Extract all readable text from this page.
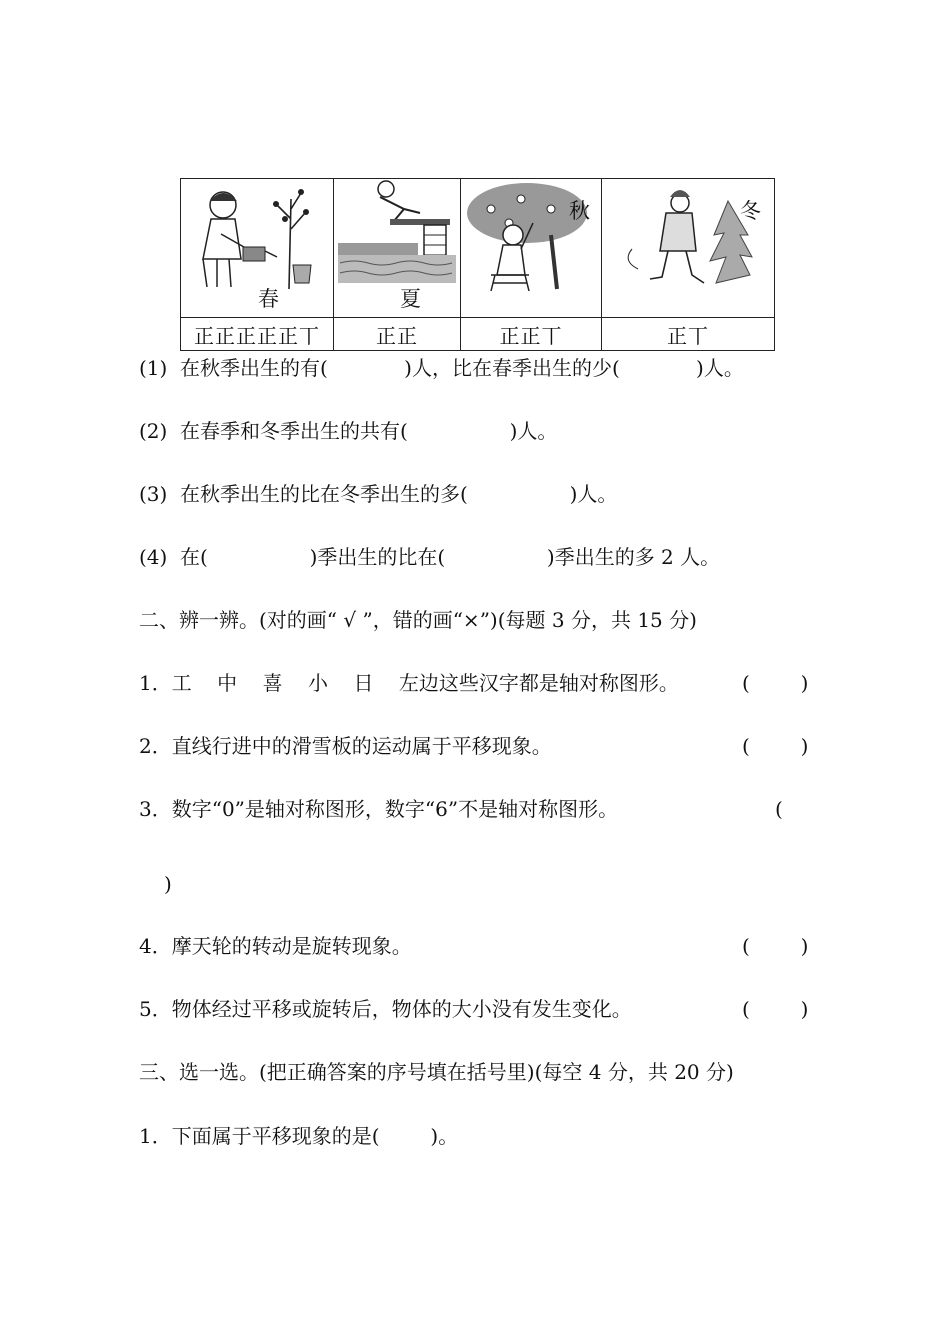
春	夏	秋	冬

正正正正正丅	正正	正正丅	正丅
(1)  在秋季出生的有(            )人，比在春季出生的少(            )人。
(2)  在春季和冬季出生的共有(                )人。
(3)  在秋季出生的比在冬季出生的多(                )人。
(4)  在(                )季出生的比在(                )季出生的多 2 人。
二、辨一辨。(对的画“ √ ”，错的画“×”)(每题 3 分，共 15 分)
1．工    中    喜    小    日    左边这些汉字都是轴对称图形。	(        )
2．直线行进中的滑雪板的运动属于平移现象。	(        )
3．数字“0”是轴对称图形，数字“6”不是轴对称图形。	(
)
4．摩天轮的转动是旋转现象。	(        )
5．物体经过平移或旋转后，物体的大小没有发生变化。	(        )
三、选一选。(把正确答案的序号填在括号里)(每空 4 分，共 20 分)
1．下面属于平移现象的是(        )。
